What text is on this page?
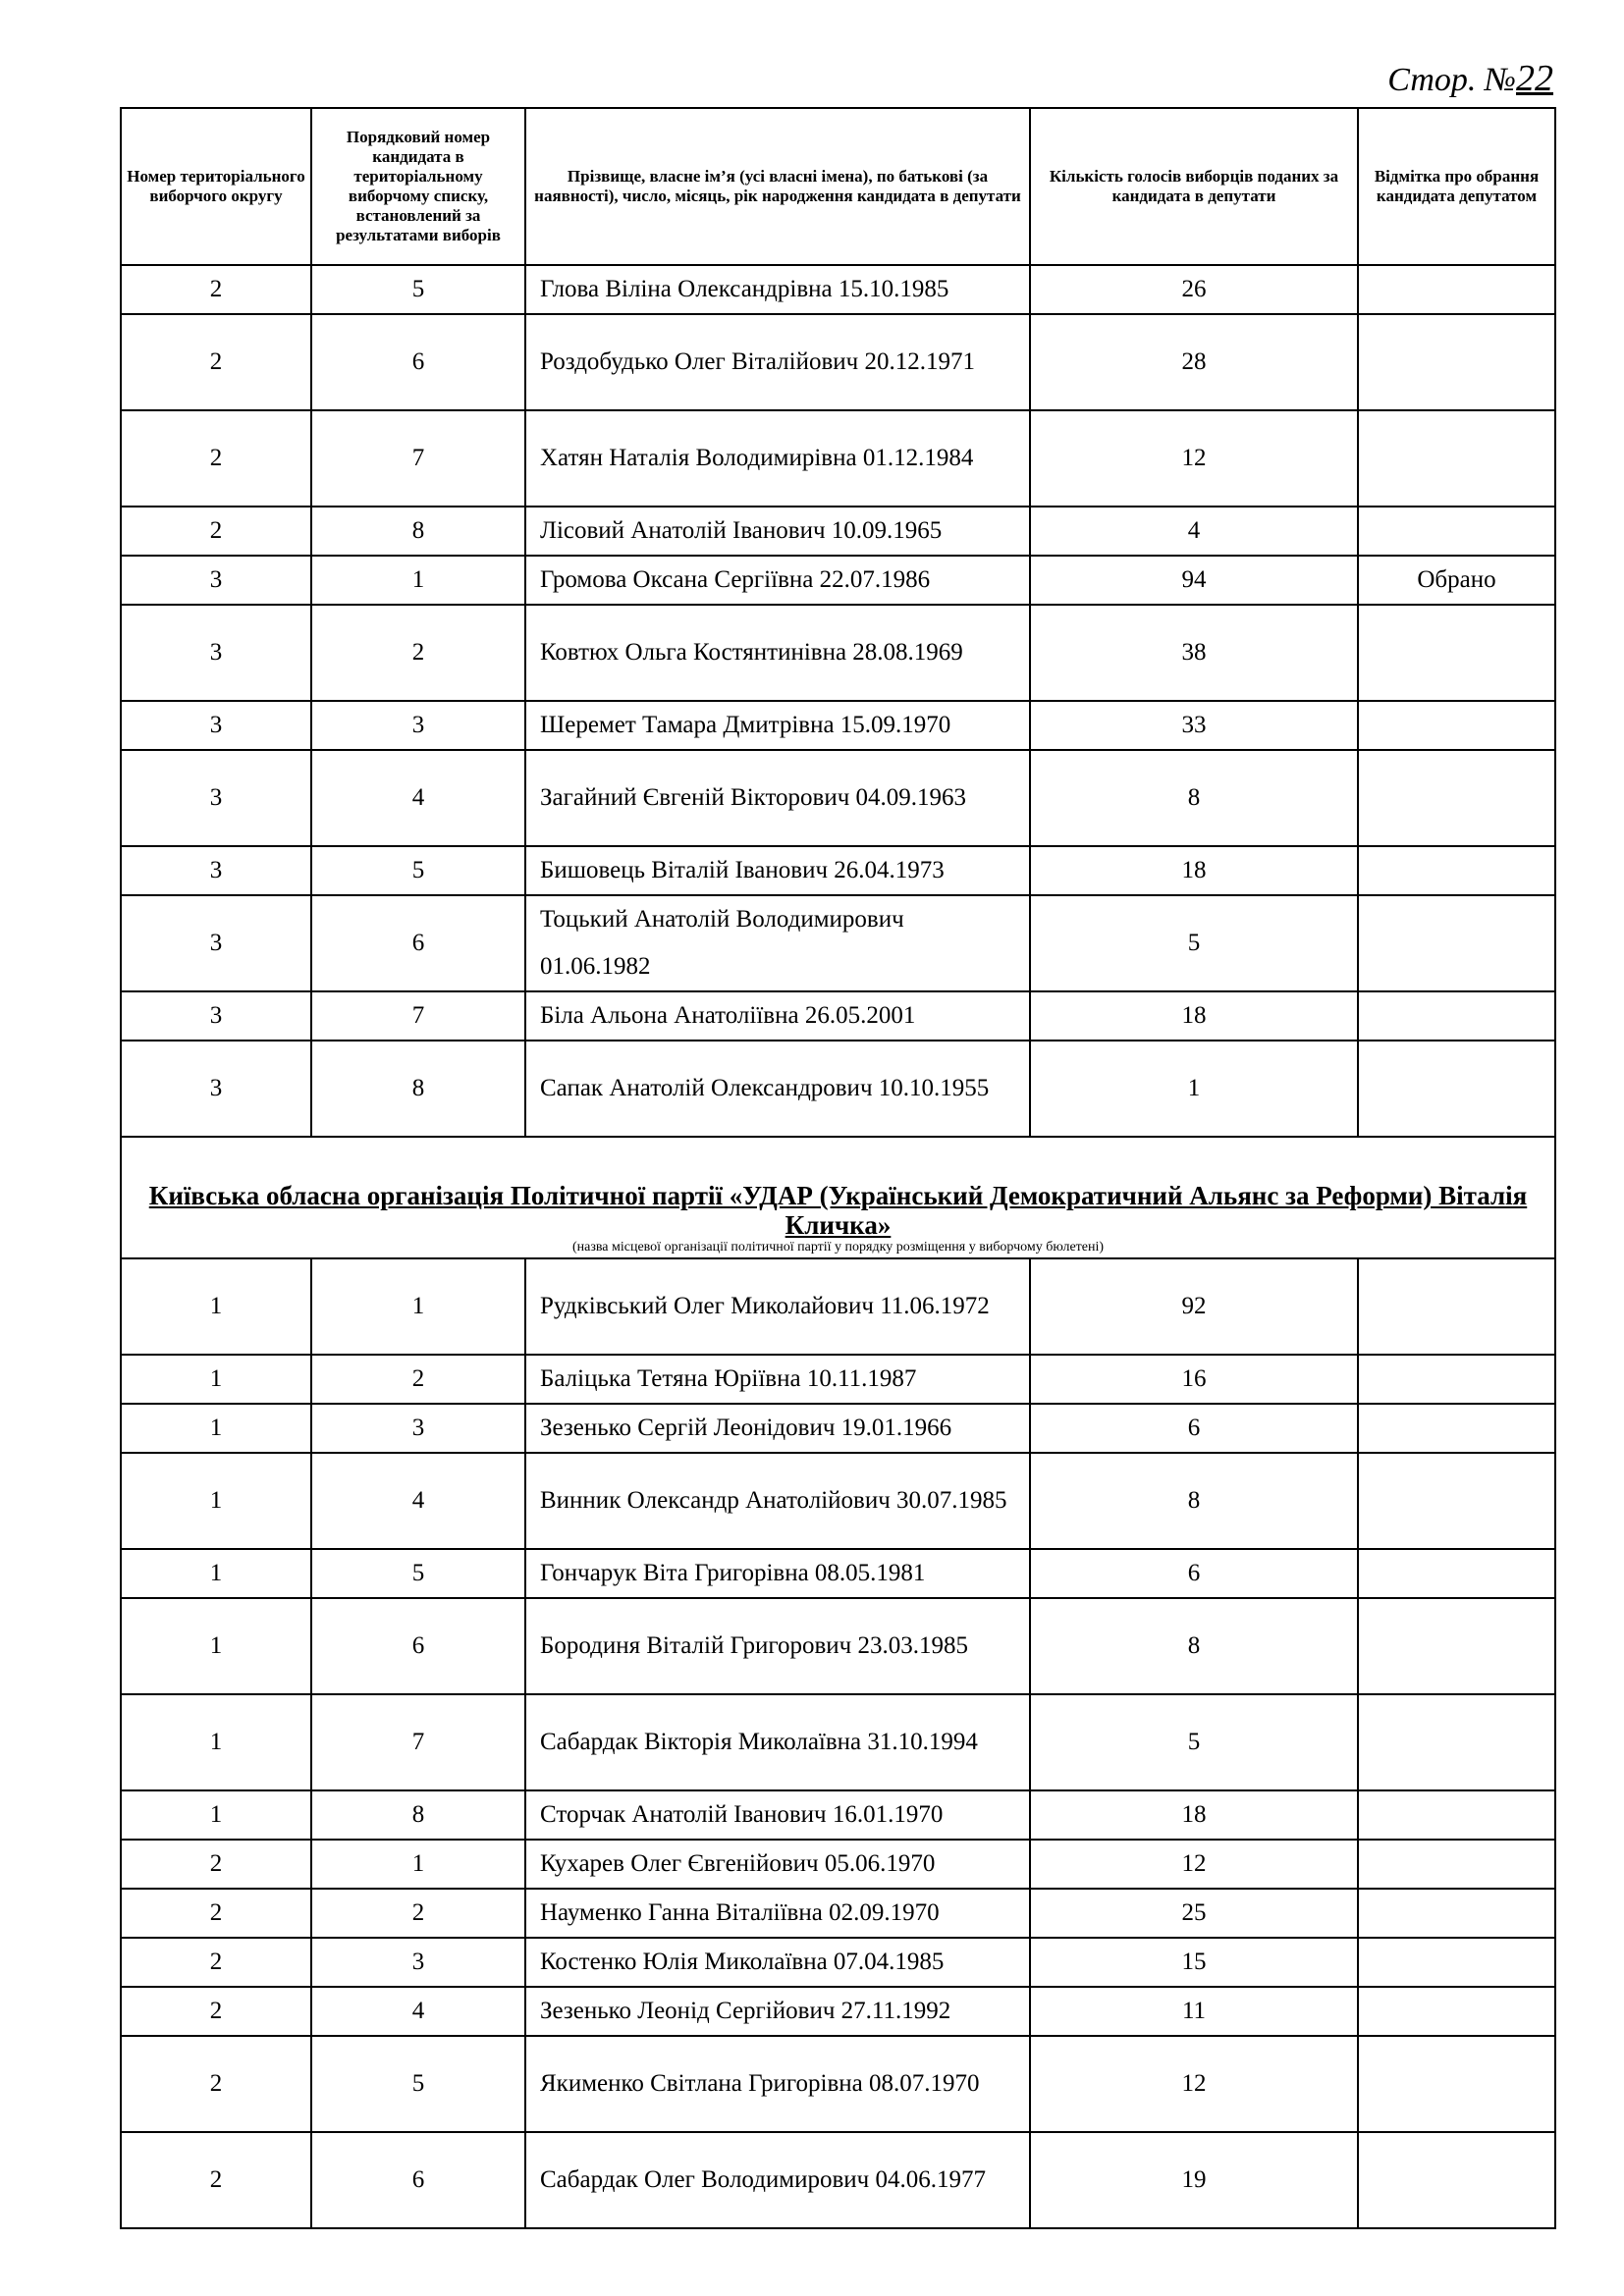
Стор. №22
Номер територіального виборчого округу	Порядковий номер кандидата в територіальному виборчому списку, встановлений за результатами виборів	Прізвище, власне ім’я (усі власні імена), по батькові (за наявності), число, місяць, рік народження кандидата в депутати	Кількість голосів виборців поданих за кандидата в депутати	Відмітка про обрання кандидата депутатом
2	5	Глова Віліна Олександрівна 15.10.1985	26	
2	6	Роздобудько Олег Віталійович 20.12.1971	28	
2	7	Хатян Наталія Володимирівна 01.12.1984	12	
2	8	Лісовий Анатолій Іванович 10.09.1965	4	
3	1	Громова Оксана Сергіївна 22.07.1986	94	Обрано
3	2	Ковтюх Ольга Костянтинівна 28.08.1969	38	
3	3	Шеремет Тамара Дмитрівна 15.09.1970	33	
3	4	Загайний Євгеній Вікторович 04.09.1963	8	
3	5	Бишовець Віталій Іванович 26.04.1973	18	
3	6	Тоцький Анатолій Володимирович 01.06.1982	5	
3	7	Біла Альона Анатоліївна 26.05.2001	18	
3	8	Сапак Анатолій Олександрович 10.10.1955	1	

Київська обласна організація Політичної партії «УДАР (Український Демократичний Альянс за Реформи) Віталія Кличка»
(назва місцевої організації політичної партії у порядку розміщення у виборчому бюлетені)				

1	1	Рудківський Олег Миколайович 11.06.1972	92	
1	2	Баліцька Тетяна Юріївна 10.11.1987	16	
1	3	Зезенько Сергій Леонідович 19.01.1966	6	
1	4	Винник Олександр Анатолійович 30.07.1985	8	
1	5	Гончарук Віта Григорівна 08.05.1981	6	
1	6	Бородиня Віталій Григорович 23.03.1985	8	
1	7	Сабардак Вікторія Миколаївна 31.10.1994	5	
1	8	Сторчак Анатолій Іванович 16.01.1970	18	
2	1	Кухарев Олег Євгенійович 05.06.1970	12	
2	2	Науменко Ганна Віталіївна 02.09.1970	25	
2	3	Костенко Юлія Миколаївна 07.04.1985	15	
2	4	Зезенько Леонід Сергійович 27.11.1992	11	
2	5	Якименко Світлана Григорівна 08.07.1970	12	
2	6	Сабардак Олег Володимирович 04.06.1977	19	
